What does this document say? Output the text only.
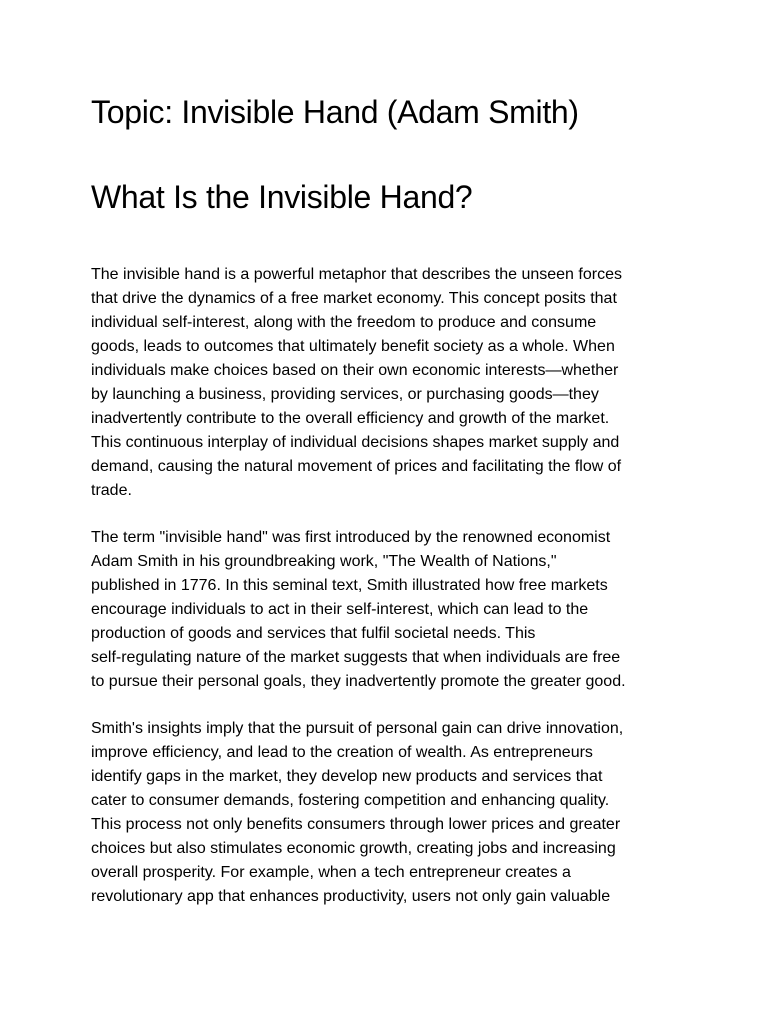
Topic: Invisible Hand (Adam Smith)
What Is the Invisible Hand?
The invisible hand is a powerful metaphor that describes the unseen forces
that drive the dynamics of a free market economy. This concept posits that
individual self-interest, along with the freedom to produce and consume
goods, leads to outcomes that ultimately benefit society as a whole. When
individuals make choices based on their own economic interests—whether
by launching a business, providing services, or purchasing goods—they
inadvertently contribute to the overall efficiency and growth of the market.
This continuous interplay of individual decisions shapes market supply and
demand, causing the natural movement of prices and facilitating the flow of
trade.
The term "invisible hand" was first introduced by the renowned economist
Adam Smith in his groundbreaking work, "The Wealth of Nations,"
published in 1776. In this seminal text, Smith illustrated how free markets
encourage individuals to act in their self-interest, which can lead to the
production of goods and services that fulfil societal needs. This
self-regulating nature of the market suggests that when individuals are free
to pursue their personal goals, they inadvertently promote the greater good.
Smith's insights imply that the pursuit of personal gain can drive innovation,
improve efficiency, and lead to the creation of wealth. As entrepreneurs
identify gaps in the market, they develop new products and services that
cater to consumer demands, fostering competition and enhancing quality.
This process not only benefits consumers through lower prices and greater
choices but also stimulates economic growth, creating jobs and increasing
overall prosperity. For example, when a tech entrepreneur creates a
revolutionary app that enhances productivity, users not only gain valuable
